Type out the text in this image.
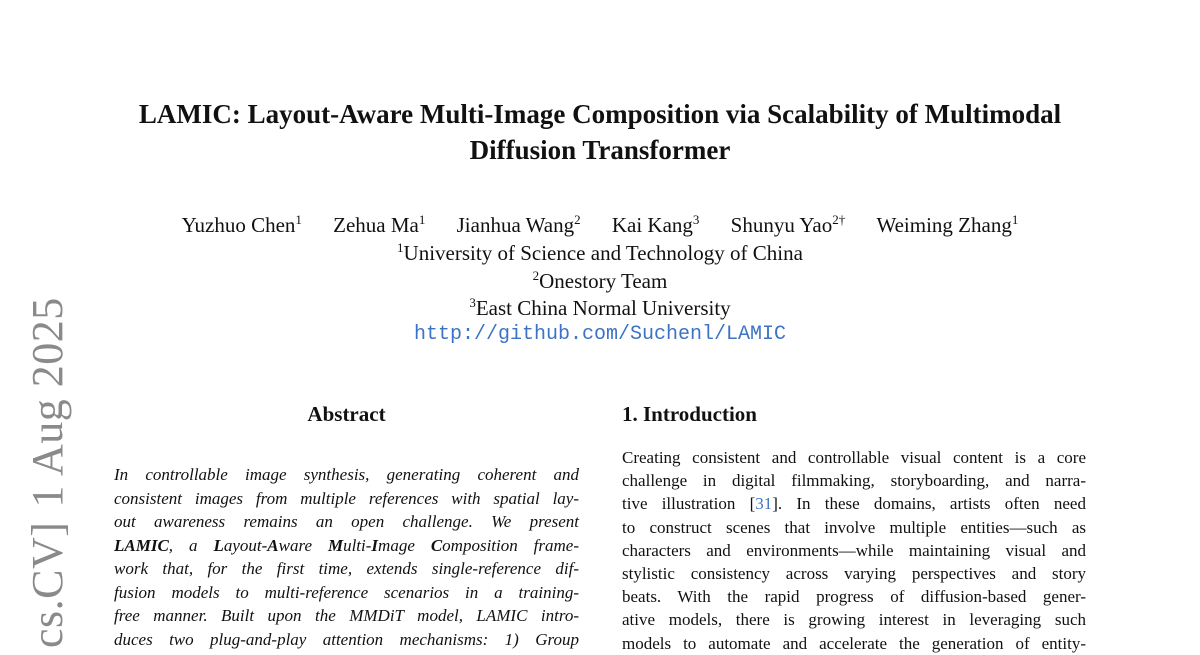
cs.CV]1 Aug 2025
LAMIC: Layout-Aware Multi-Image Composition via Scalability of Multimodal
Diffusion Transformer
Yuzhuo Chen$^1$ Zehua Ma$^1$ Jianhua Wang$^2$ Kai Kang$^3$ Shunyu Yao$^{2\dagger}$ Weiming Zhang$^1$
$^1$University of Science and Technology of China
$^2$Onestory Team
$^3$East China Normal University
http://github.com/Suchenl/LAMIC
Abstract
In controllable image synthesis, generating coherent and
consistent images from multiple references with spatial lay-
out awareness remains an open challenge. We present
LAMIC, a Layout-Aware Multi-Image Composition frame-
work that, for the first time, extends single-reference dif-
fusion models to multi-reference scenarios in a training-
free manner. Built upon the MMDiT model, LAMIC intro-
duces two plug-and-play attention mechanisms: 1) Group
1. Introduction
Creating consistent and controllable visual content is a core
challenge in digital filmmaking, storyboarding, and narra-
tive illustration [31]. In these domains, artists often need
to construct scenes that involve multiple entities—such as
characters and environments—while maintaining visual and
stylistic consistency across varying perspectives and story
beats. With the rapid progress of diffusion-based gener-
ative models, there is growing interest in leveraging such
models to automate and accelerate the generation of entity-
